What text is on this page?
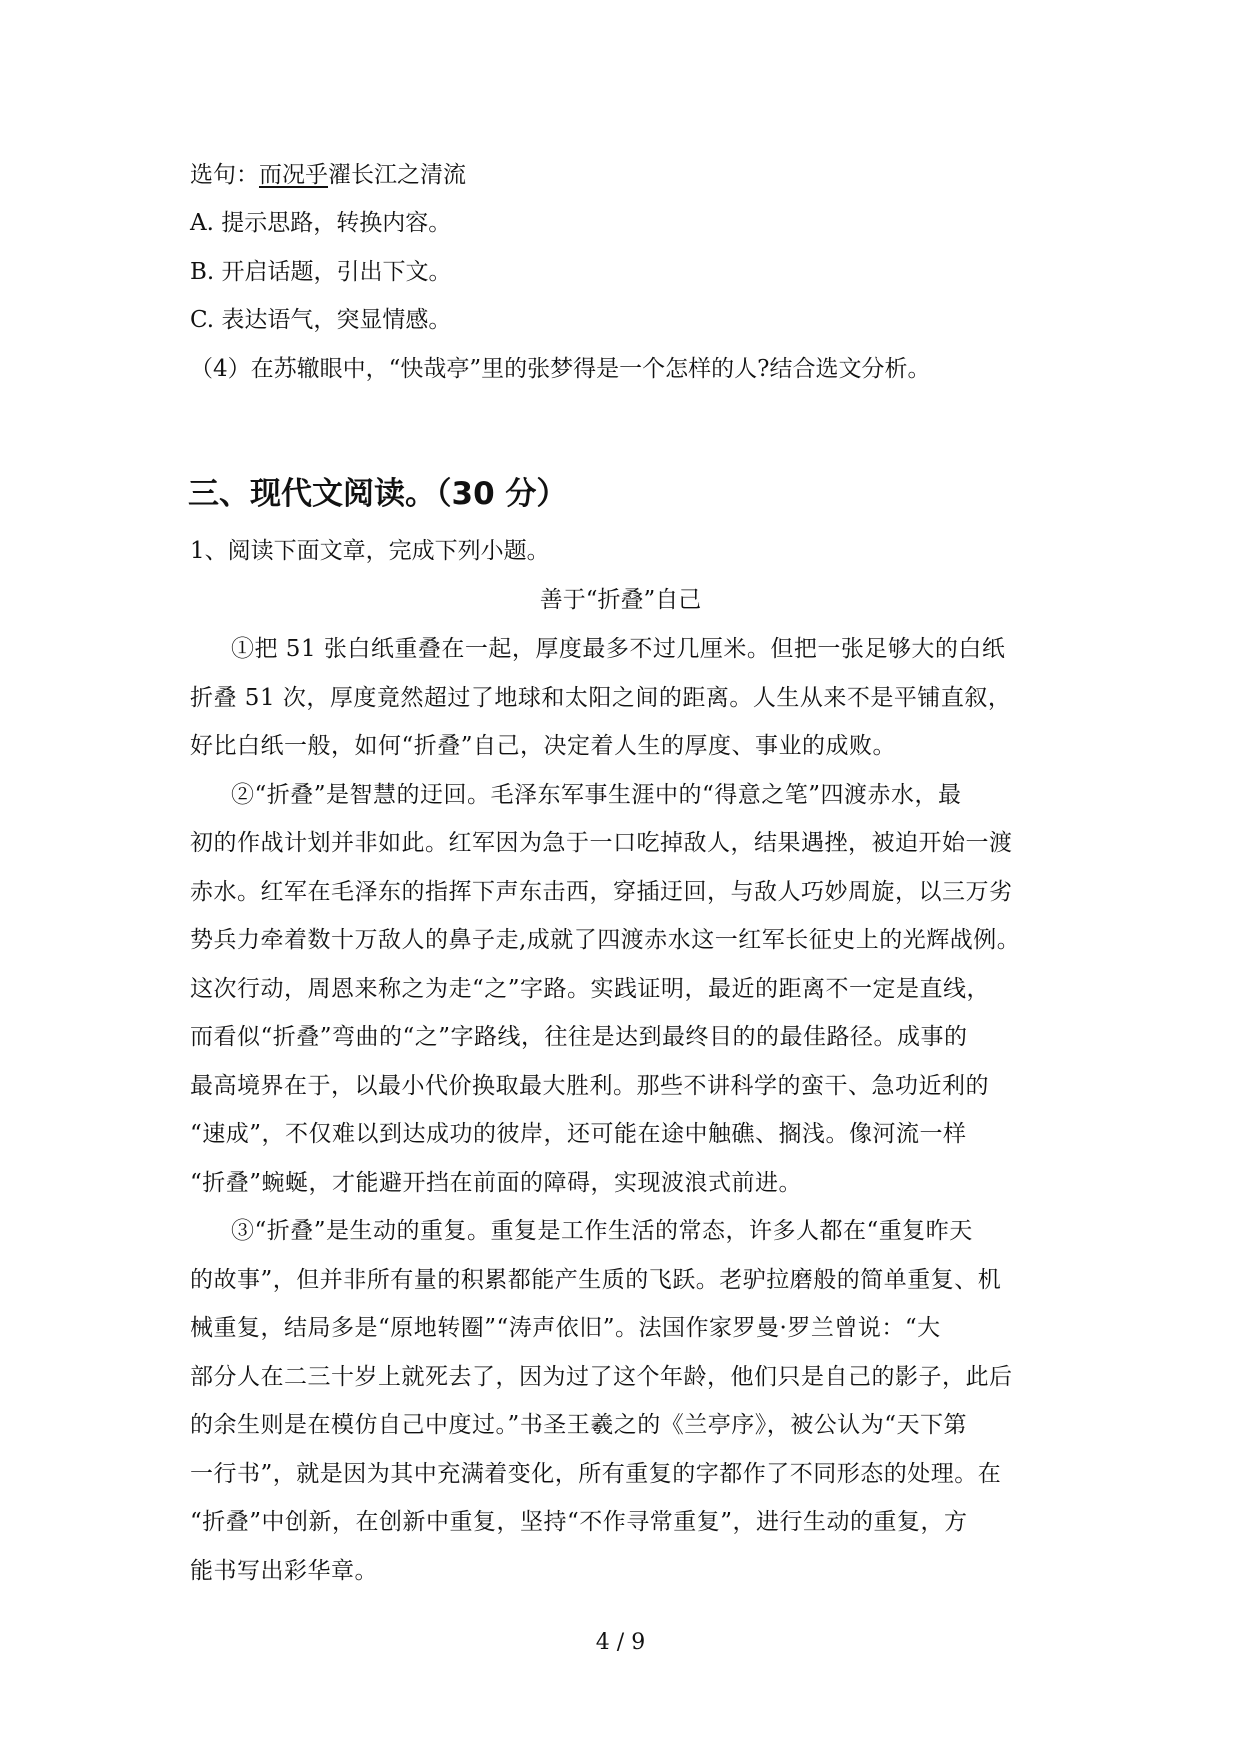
选句：而况乎濯长江之清流
A. 提示思路，转换内容。
B. 开启话题，引出下文。
C. 表达语气，突显情感。
（4）在苏辙眼中，“快哉亭”里的张梦得是一个怎样的人?结合选文分析。
三、现代文阅读。（30 分）
1、阅读下面文章，完成下列小题。
善于“折叠”自己
①把 51 张白纸重叠在一起，厚度最多不过几厘米。但把一张足够大的白纸
折叠 51 次，厚度竟然超过了地球和太阳之间的距离。人生从来不是平铺直叙，
好比白纸一般，如何“折叠”自己，决定着人生的厚度、事业的成败。
②“折叠”是智慧的迂回。毛泽东军事生涯中的“得意之笔”四渡赤水，最
初的作战计划并非如此。红军因为急于一口吃掉敌人，结果遇挫，被迫开始一渡
赤水。红军在毛泽东的指挥下声东击西，穿插迂回，与敌人巧妙周旋，以三万劣
势兵力牵着数十万敌人的鼻子走,成就了四渡赤水这一红军长征史上的光辉战例。
这次行动，周恩来称之为走“之”字路。实践证明，最近的距离不一定是直线，
而看似“折叠”弯曲的“之”字路线，往往是达到最终目的的最佳路径。成事的
最高境界在于，以最小代价换取最大胜利。那些不讲科学的蛮干、急功近利的
“速成”，不仅难以到达成功的彼岸，还可能在途中触礁、搁浅。像河流一样
“折叠”蜿蜒，才能避开挡在前面的障碍，实现波浪式前进。
③“折叠”是生动的重复。重复是工作生活的常态，许多人都在“重复昨天
的故事”，但并非所有量的积累都能产生质的飞跃。老驴拉磨般的简单重复、机
械重复，结局多是“原地转圈”“涛声依旧”。法国作家罗曼·罗兰曾说：“大
部分人在二三十岁上就死去了，因为过了这个年龄，他们只是自己的影子，此后
的余生则是在模仿自己中度过。”书圣王羲之的《兰亭序》，被公认为“天下第
一行书”，就是因为其中充满着变化，所有重复的字都作了不同形态的处理。在
“折叠”中创新，在创新中重复，坚持“不作寻常重复”，进行生动的重复，方
能书写出彩华章。
4 / 9
